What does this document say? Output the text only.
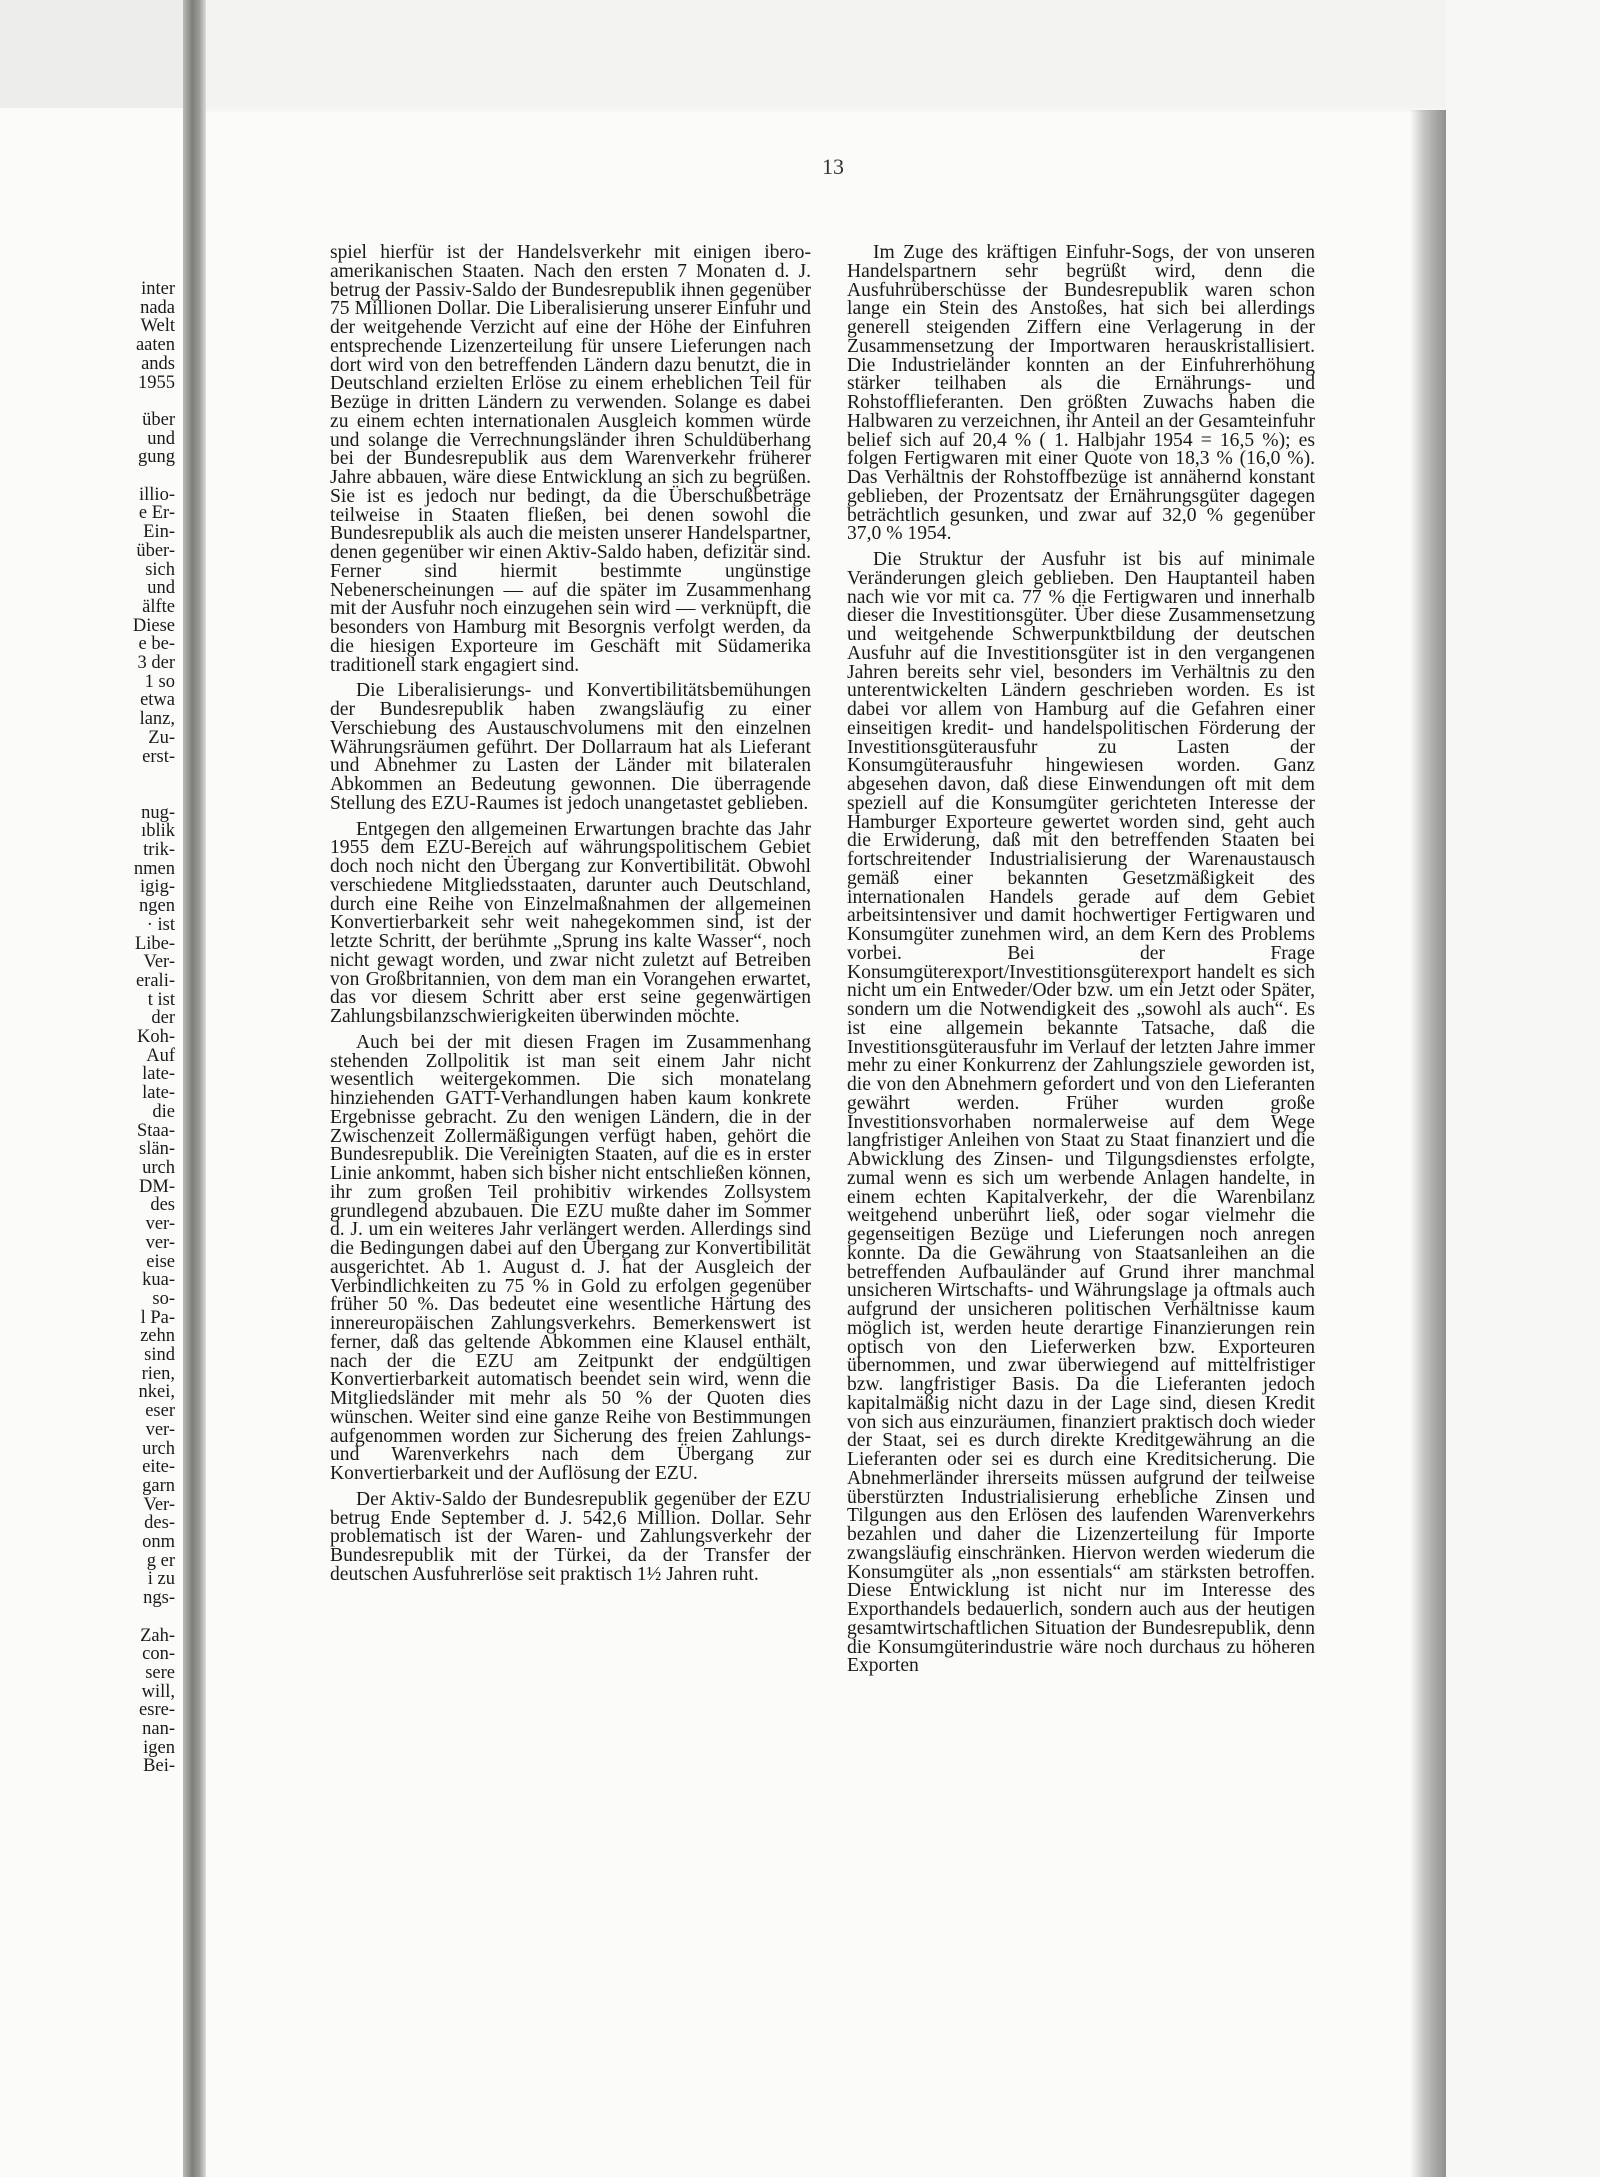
inter
nada
Welt
aaten
ands
1955
über
und
gung
illio-
e Er-
Ein-
über-
sich
und
älfte
Diese
e be-
3 der
1 so
etwa
lanz,
Zu-
erst-
nug-
ıblik
trik-
nmen
igig-
ngen
· ist
Libe-
Ver-
erali-
t ist
der
Koh-
Auf
late-
late-
die
Staa-
slän-
urch
DM-
des
ver-
ver-
eise
kua-
so-
l Pa-
zehn
sind
rien,
nkei,
eser
ver-
urch
eite-
garn
Ver-
des-
onm
g er
i zu
ngs-
Zah-
con-
sere
will,
esre-
nan-
igen
Bei-
13

spiel hierfür ist der Handelsverkehr mit einigen ibero-amerikanischen Staaten. Nach den ersten 7 Monaten d. J. betrug der Passiv-Saldo der Bundesrepublik ihnen gegenüber 75 Millionen Dollar. Die Liberalisierung unserer Einfuhr und der weitgehende Verzicht auf eine der Höhe der Einfuhren entsprechende Lizenzerteilung für unsere Lieferungen nach dort wird von den betreffenden Ländern dazu benutzt, die in Deutschland erzielten Erlöse zu einem erheblichen Teil für Bezüge in dritten Ländern zu verwenden. Solange es dabei zu einem echten internationalen Ausgleich kommen würde und solange die Verrechnungsländer ihren Schuldüberhang bei der Bundesrepublik aus dem Warenverkehr früherer Jahre abbauen, wäre diese Entwicklung an sich zu begrüßen. Sie ist es jedoch nur bedingt, da die Überschußbeträge teilweise in Staaten fließen, bei denen sowohl die Bundesrepublik als auch die meisten unserer Handelspartner, denen gegenüber wir einen Aktiv-Saldo haben, defizitär sind. Ferner sind hiermit bestimmte ungünstige Nebenerscheinungen — auf die später im Zusammenhang mit der Ausfuhr noch einzugehen sein wird — verknüpft, die besonders von Hamburg mit Besorgnis verfolgt werden, da die hiesigen Exporteure im Geschäft mit Südamerika traditionell stark engagiert sind.

Die Liberalisierungs- und Konvertibilitätsbemühungen der Bundesrepublik haben zwangsläufig zu einer Verschiebung des Austauschvolumens mit den einzelnen Währungsräumen geführt. Der Dollarraum hat als Lieferant und Abnehmer zu Lasten der Länder mit bilateralen Abkommen an Bedeutung gewonnen. Die überragende Stellung des EZU-Raumes ist jedoch unangetastet geblieben.

Entgegen den allgemeinen Erwartungen brachte das Jahr 1955 dem EZU-Bereich auf währungspolitischem Gebiet doch noch nicht den Übergang zur Konvertibilität. Obwohl verschiedene Mitgliedsstaaten, darunter auch Deutschland, durch eine Reihe von Einzelmaßnahmen der allgemeinen Konvertierbarkeit sehr weit nahegekommen sind, ist der letzte Schritt, der berühmte „Sprung ins kalte Wasser“, noch nicht gewagt worden, und zwar nicht zuletzt auf Betreiben von Großbritannien, von dem man ein Vorangehen erwartet, das vor diesem Schritt aber erst seine gegenwärtigen Zahlungsbilanzschwierigkeiten überwinden möchte.

Auch bei der mit diesen Fragen im Zusammenhang stehenden Zollpolitik ist man seit einem Jahr nicht wesentlich weitergekommen. Die sich monatelang hinziehenden GATT-Verhandlungen haben kaum konkrete Ergebnisse gebracht. Zu den wenigen Ländern, die in der Zwischenzeit Zollermäßigungen verfügt haben, gehört die Bundesrepublik. Die Vereinigten Staaten, auf die es in erster Linie ankommt, haben sich bisher nicht entschließen können, ihr zum großen Teil prohibitiv wirkendes Zollsystem grundlegend abzubauen. Die EZU mußte daher im Sommer d. J. um ein weiteres Jahr verlängert werden. Allerdings sind die Bedingungen dabei auf den Übergang zur Konvertibilität ausgerichtet. Ab 1. August d. J. hat der Ausgleich der Verbindlichkeiten zu 75 % in Gold zu erfolgen gegenüber früher 50 %. Das bedeutet eine wesentliche Härtung des innereuropäischen Zahlungsverkehrs. Bemerkenswert ist ferner, daß das geltende Abkommen eine Klausel enthält, nach der die EZU am Zeitpunkt der endgültigen Konvertierbarkeit automatisch beendet sein wird, wenn die Mitgliedsländer mit mehr als 50 % der Quoten dies wünschen. Weiter sind eine ganze Reihe von Bestimmungen aufgenommen worden zur Sicherung des freien Zahlungs- und Warenverkehrs nach dem Übergang zur Konvertierbarkeit und der Auflösung der EZU.

Der Aktiv-Saldo der Bundesrepublik gegenüber der EZU betrug Ende September d. J. 542,6 Million. Dollar. Sehr problematisch ist der Waren- und Zahlungsverkehr der Bundesrepublik mit der Türkei, da der Transfer der deutschen Ausfuhrerlöse seit praktisch 1½ Jahren ruht.

Im Zuge des kräftigen Einfuhr-Sogs, der von unseren Handelspartnern sehr begrüßt wird, denn die Ausfuhrüberschüsse der Bundesrepublik waren schon lange ein Stein des Anstoßes, hat sich bei allerdings generell steigenden Ziffern eine Verlagerung in der Zusammensetzung der Importwaren herauskristallisiert. Die Industrieländer konnten an der Einfuhrerhöhung stärker teilhaben als die Ernährungs- und Rohstofflieferanten. Den größten Zuwachs haben die Halbwaren zu verzeichnen, ihr Anteil an der Gesamteinfuhr belief sich auf 20,4 % ( 1. Halbjahr 1954 = 16,5 %); es folgen Fertigwaren mit einer Quote von 18,3 % (16,0 %). Das Verhältnis der Rohstoffbezüge ist annähernd konstant geblieben, der Prozentsatz der Ernährungsgüter dagegen beträchtlich gesunken, und zwar auf 32,0 % gegenüber 37,0 % 1954.

Die Struktur der Ausfuhr ist bis auf minimale Veränderungen gleich geblieben. Den Hauptanteil haben nach wie vor mit ca. 77 % die Fertigwaren und innerhalb dieser die Investitionsgüter. Über diese Zusammensetzung und weitgehende Schwerpunktbildung der deutschen Ausfuhr auf die Investitionsgüter ist in den vergangenen Jahren bereits sehr viel, besonders im Verhältnis zu den unterentwickelten Ländern geschrieben worden. Es ist dabei vor allem von Hamburg auf die Gefahren einer einseitigen kredit- und handelspolitischen Förderung der Investitionsgüterausfuhr zu Lasten der Konsumgüterausfuhr hingewiesen worden. Ganz abgesehen davon, daß diese Einwendungen oft mit dem speziell auf die Konsumgüter gerichteten Interesse der Hamburger Exporteure gewertet worden sind, geht auch die Erwiderung, daß mit den betreffenden Staaten bei fortschreitender Industrialisierung der Warenaustausch gemäß einer bekannten Gesetzmäßigkeit des internationalen Handels gerade auf dem Gebiet arbeitsintensiver und damit hochwertiger Fertigwaren und Konsumgüter zunehmen wird, an dem Kern des Problems vorbei. Bei der Frage Konsumgüterexport/Investitionsgüterexport handelt es sich nicht um ein Entweder/Oder bzw. um ein Jetzt oder Später, sondern um die Notwendigkeit des „sowohl als auch“. Es ist eine allgemein bekannte Tatsache, daß die Investitionsgüterausfuhr im Verlauf der letzten Jahre immer mehr zu einer Konkurrenz der Zahlungsziele geworden ist, die von den Abnehmern gefordert und von den Lieferanten gewährt werden. Früher wurden große Investitionsvorhaben normalerweise auf dem Wege langfristiger Anleihen von Staat zu Staat finanziert und die Abwicklung des Zinsen- und Tilgungsdienstes erfolgte, zumal wenn es sich um werbende Anlagen handelte, in einem echten Kapitalverkehr, der die Warenbilanz weitgehend unberührt ließ, oder sogar vielmehr die gegenseitigen Bezüge und Lieferungen noch anregen konnte. Da die Gewährung von Staatsanleihen an die betreffenden Aufbauländer auf Grund ihrer manchmal unsicheren Wirtschafts- und Währungslage ja oftmals auch aufgrund der unsicheren politischen Verhältnisse kaum möglich ist, werden heute derartige Finanzierungen rein optisch von den Lieferwerken bzw. Exporteuren übernommen, und zwar überwiegend auf mittelfristiger bzw. langfristiger Basis. Da die Lieferanten jedoch kapitalmäßig nicht dazu in der Lage sind, diesen Kredit von sich aus einzuräumen, finanziert praktisch doch wieder der Staat, sei es durch direkte Kreditgewährung an die Lieferanten oder sei es durch eine Kreditsicherung. Die Abnehmerländer ihrerseits müssen aufgrund der teilweise überstürzten Industrialisierung erhebliche Zinsen und Tilgungen aus den Erlösen des laufenden Warenverkehrs bezahlen und daher die Lizenzerteilung für Importe zwangsläufig einschränken. Hiervon werden wiederum die Konsumgüter als „non essentials“ am stärksten betroffen. Diese Entwicklung ist nicht nur im Interesse des Exporthandels bedauerlich, sondern auch aus der heutigen gesamtwirtschaftlichen Situation der Bundesrepublik, denn die Konsumgüterindustrie wäre noch durchaus zu höheren Exporten
